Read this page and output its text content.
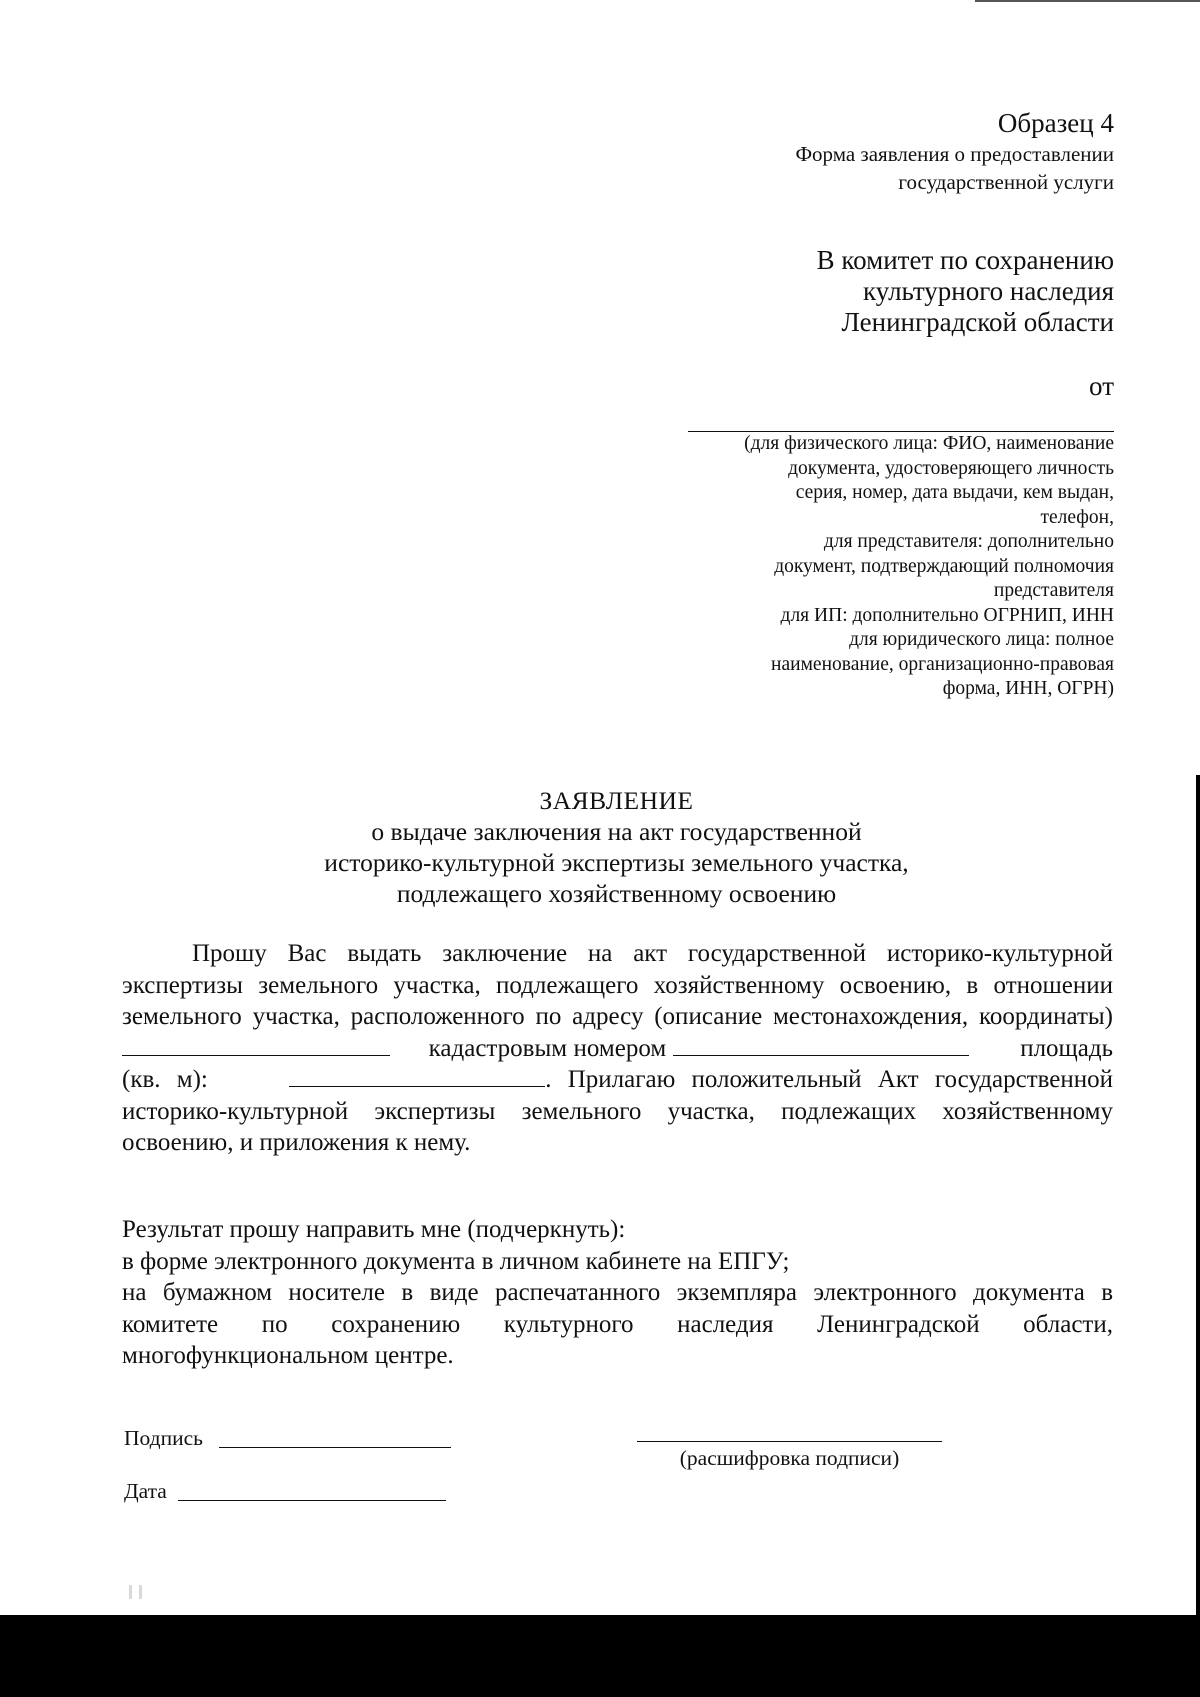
Образец 4
Форма заявления о предоставлении
государственной услуги
В комитет по сохранению
культурного наследия
Ленинградской области
от
(для физического лица: ФИО, наименование
документа, удостоверяющего личность
серия, номер, дата выдачи, кем выдан,
телефон,
для представителя: дополнительно
документ, подтверждающий полномочия
представителя
для ИП: дополнительно ОГРНИП, ИНН
для юридического лица: полное
наименование, организационно-правовая
форма, ИНН, ОГРН)
ЗАЯВЛЕНИЕ
о выдаче заключения на акт государственной
историко-культурной экспертизы земельного участка,
подлежащего хозяйственному освоению
Прошу Вас выдать заключение на акт государственной историко-культурной экспертизы земельного участка, подлежащего хозяйственному освоению, в отношении земельного участка, расположенного по адресу (описание местонахождения, координаты)       кадастровым номером	площадь (кв. м):	. Прилагаю положительный Акт государственной историко-культурной экспертизы земельного участка, подлежащих хозяйственному освоению, и приложения к нему.
Результат прошу направить мне (подчеркнуть):
в форме электронного документа в личном кабинете на ЕПГУ;
на бумажном носителе в виде распечатанного экземпляра электронного документа в комитете по сохранению культурного наследия Ленинградской области, многофункциональном центре.
Подпись
(расшифровка подписи)
Дата
